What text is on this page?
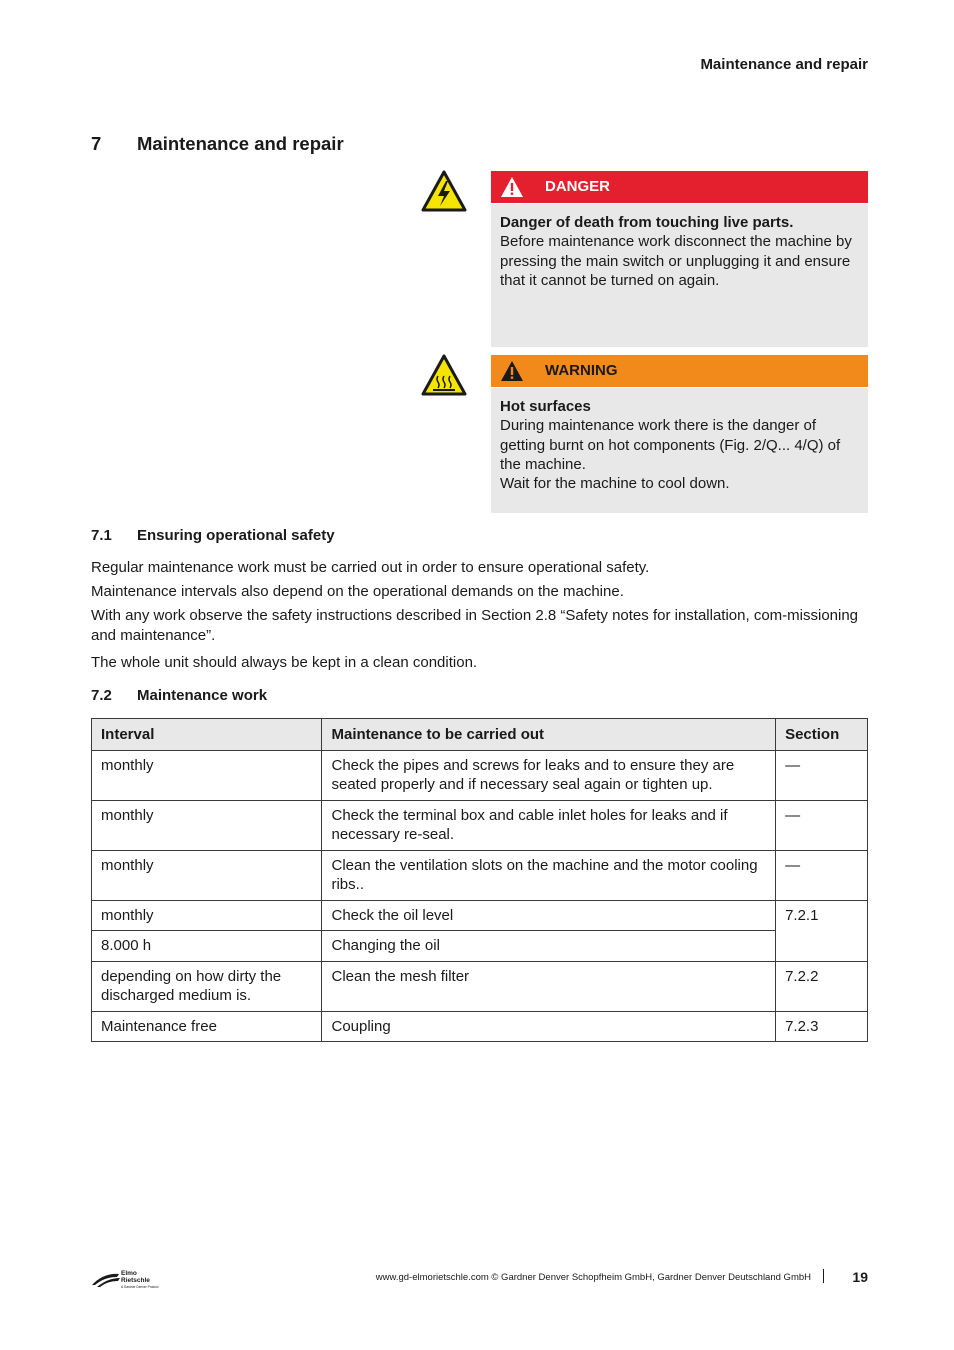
Maintenance and repair
7 Maintenance and repair
DANGER
Danger of death from touching live parts.
Before maintenance work disconnect the machine by pressing the main switch or unplugging it and ensure that it cannot be turned on again.
WARNING
Hot surfaces
During maintenance work there is the danger of getting burnt on hot components (Fig. 2/Q... 4/Q) of the machine.
Wait for the machine to cool down.
7.1 Ensuring operational safety
Regular maintenance work must be carried out in order to ensure operational safety.
Maintenance intervals also depend on the operational demands on the machine.
With any work observe the safety instructions described in Section 2.8 “Safety notes for installation, com-missioning and maintenance”.
The whole unit should always be kept in a clean condition.
7.2 Maintenance work
Interval	Maintenance to be carried out	Section
monthly	Check the pipes and screws for leaks and to ensure they are seated properly and if necessary seal again or tighten up.	—
monthly	Check the terminal box and cable inlet holes for leaks and if necessary re-seal.	—
monthly	Clean the ventilation slots on the machine and the motor cooling ribs..	—
monthly	Check the oil level	7.2.1
8.000 h	Changing the oil	
depending on how dirty the discharged medium is.	Clean the mesh filter	7.2.2
Maintenance free	Coupling	7.2.3
Elmo
Rietschle
A Gardner Denver Product
www.gd-elmorietschle.com © Gardner Denver Schopfheim GmbH, Gardner Denver Deutschland GmbH	19
